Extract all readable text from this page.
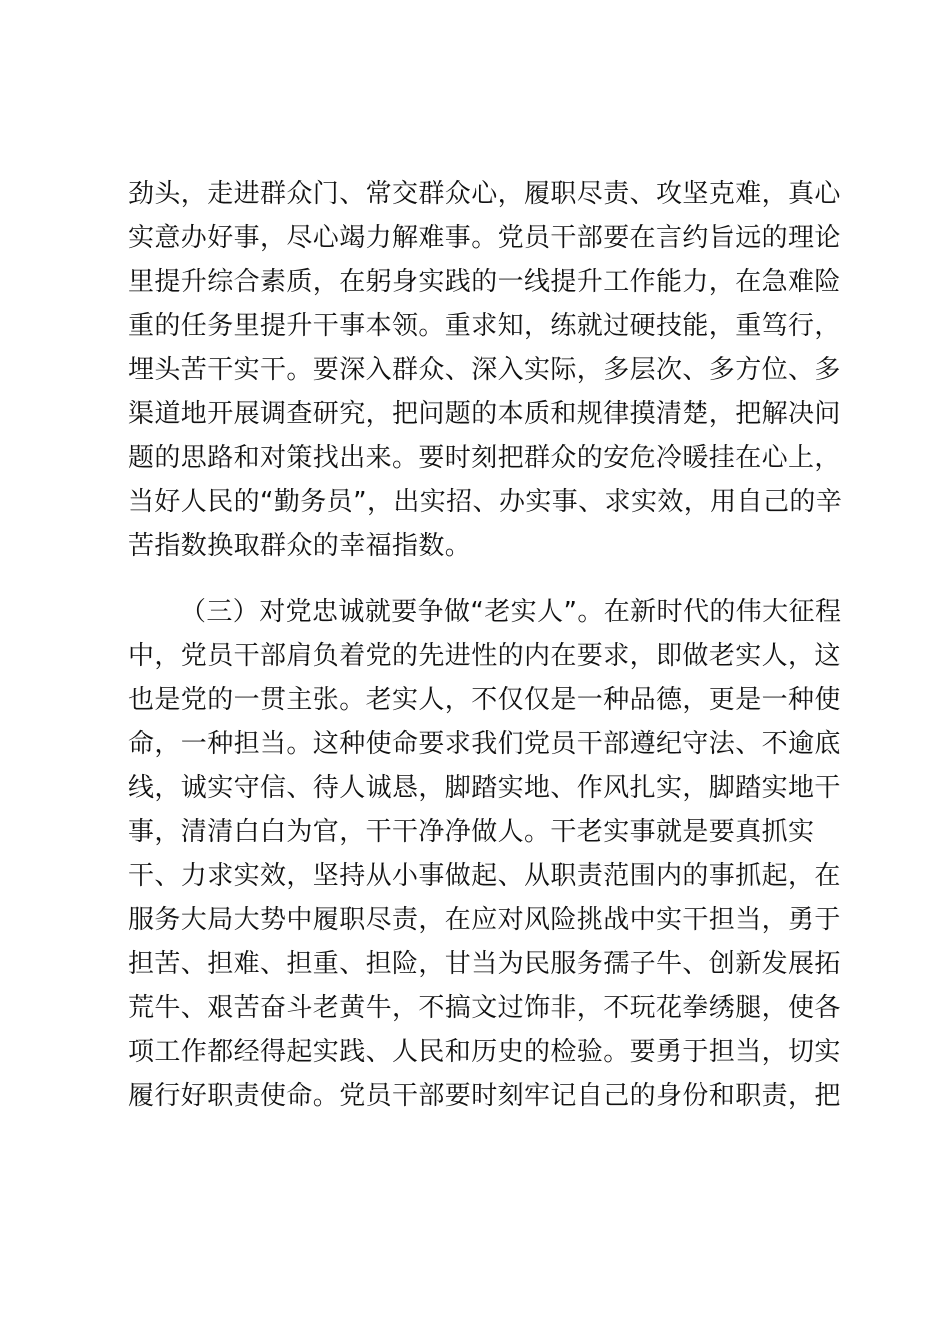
劲头，走进群众门、常交群众心，履职尽责、攻坚克难，真心
实意办好事，尽心竭力解难事。党员干部要在言约旨远的理论
里提升综合素质，在躬身实践的一线提升工作能力，在急难险
重的任务里提升干事本领。重求知，练就过硬技能，重笃行，
埋头苦干实干。要深入群众、深入实际，多层次、多方位、多
渠道地开展调查研究，把问题的本质和规律摸清楚，把解决问
题的思路和对策找出来。要时刻把群众的安危冷暖挂在心上，
当好人民的“勤务员”，出实招、办实事、求实效，用自己的辛
苦指数换取群众的幸福指数。
（三）对党忠诚就要争做“老实人”。在新时代的伟大征程
中，党员干部肩负着党的先进性的内在要求，即做老实人，这
也是党的一贯主张。老实人，不仅仅是一种品德，更是一种使
命，一种担当。这种使命要求我们党员干部遵纪守法、不逾底
线，诚实守信、待人诚恳，脚踏实地、作风扎实，脚踏实地干
事，清清白白为官，干干净净做人。干老实事就是要真抓实
干、力求实效，坚持从小事做起、从职责范围内的事抓起，在
服务大局大势中履职尽责，在应对风险挑战中实干担当，勇于
担苦、担难、担重、担险，甘当为民服务孺子牛、创新发展拓
荒牛、艰苦奋斗老黄牛，不搞文过饰非，不玩花拳绣腿，使各
项工作都经得起实践、人民和历史的检验。要勇于担当，切实
履行好职责使命。党员干部要时刻牢记自己的身份和职责，把
